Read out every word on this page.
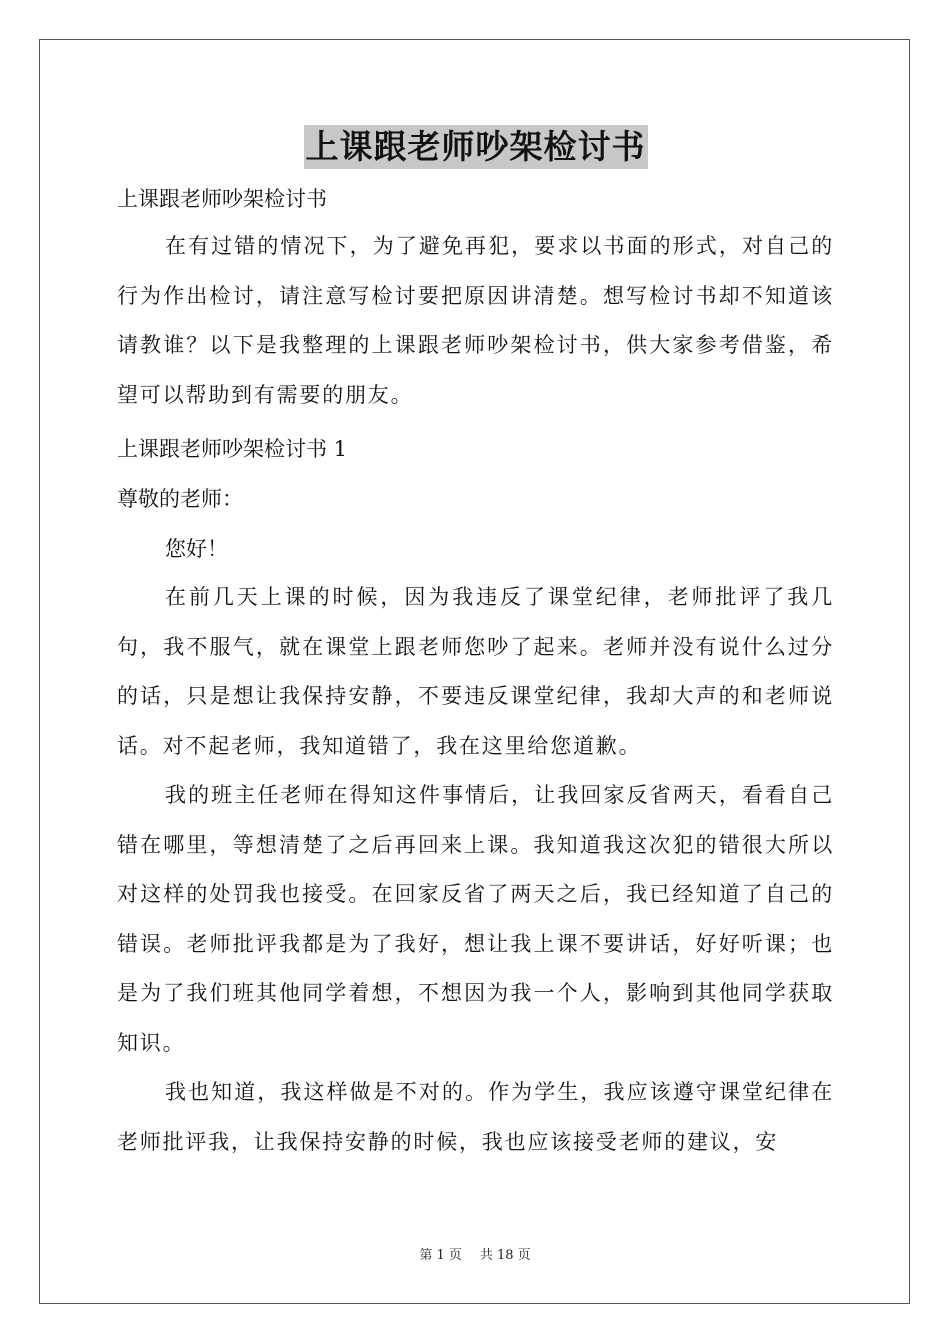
上课跟老师吵架检讨书

上课跟老师吵架检讨书

在有过错的情况下，为了避免再犯，要求以书面的形式，对自己的行为作出检讨，请注意写检讨要把原因讲清楚。想写检讨书却不知道该请教谁？以下是我整理的上课跟老师吵架检讨书，供大家参考借鉴，希望可以帮助到有需要的朋友。

上课跟老师吵架检讨书 1

尊敬的老师：

您好！

在前几天上课的时候，因为我违反了课堂纪律，老师批评了我几句，我不服气，就在课堂上跟老师您吵了起来。老师并没有说什么过分的话，只是想让我保持安静，不要违反课堂纪律，我却大声的和老师说话。对不起老师，我知道错了，我在这里给您道歉。

我的班主任老师在得知这件事情后，让我回家反省两天，看看自己错在哪里，等想清楚了之后再回来上课。我知道我这次犯的错很大所以对这样的处罚我也接受。在回家反省了两天之后，我已经知道了自己的错误。老师批评我都是为了我好，想让我上课不要讲话，好好听课；也是为了我们班其他同学着想，不想因为我一个人，影响到其他同学获取知识。

我也知道，我这样做是不对的。作为学生，我应该遵守课堂纪律在老师批评我，让我保持安静的时候，我也应该接受老师的建议，安

第 1 页 共 18 页
